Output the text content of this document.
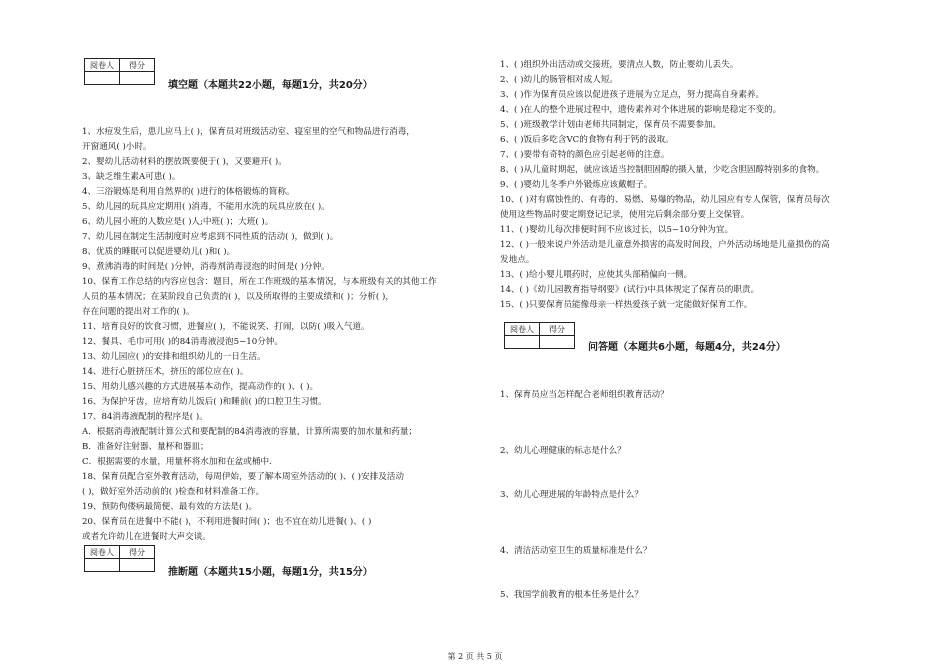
阅卷人	得分

填空题（本题共22小题，每题1分，共20分）
1、水痘发生后，患儿应马上( )，保育员对班级活动室、寝室里的空气和物品进行消毒，
开窗通风( )小时。
2、婴幼儿活动材料的摆放既要便于( )，又要避开( )。
3、缺乏维生素A可患( )。
4、三浴锻炼是利用自然界的( )进行的体格锻炼的简称。
5、幼儿园的玩具应定期用( )消毒，不能用水洗的玩具应放在( )。
6、幼儿园小班的人数应是( )人;中班( )；大班( )。
7、幼儿园在制定生活制度时应考虑到不同性质的活动( )，做到( )。
8、优质的睡眠可以促进婴幼儿( )和( )。
9、煮沸消毒的时间是( )分钟，消毒剂消毒浸泡的时间是( )分钟。
10、保育工作总结的内容应包含：题目，所在工作班级的基本情况，与本班级有关的其他工作
人员的基本情况；在某阶段自己负责的( )，以及所取得的主要成绩和( )；分析( )，
存在问题的提出对工作的( )。
11、培育良好的饮食习惯，进餐应( )，不能说笑、打闹，以防( )吸入气道。
12、餐具、毛巾可用( )的84消毒液浸泡5−10分钟。
13、幼儿园应( )的安排和组织幼儿的一日生活。
14、进行心脏挤压术，挤压的部位应在( )。
15、用幼儿感兴趣的方式进展基本动作，提高动作的( )、( )。
16、为保护牙齿，应培育幼儿饭后( )和睡前( )的口腔卫生习惯。
17、84消毒液配制的程序是( )。
A．根据消毒液配制计算公式和要配制的84消毒液的容量，计算所需要的加水量和药量；
B．准备好注射器、量杯和器皿；
C．根据需要的水量，用量杯将水加和在盆或桶中.
18、保育员配合室外教育活动，每周伊始，要了解本周室外活动的( )、( )安排及活动
( )，做好室外活动前的( )检查和材料准备工作。
19、预防佝偻病最简便、最有效的方法是( )。
20、保育员在进餐中不能( )，不利用进餐时间( )；也不宜在幼儿进餐( )、( )
或者允许幼儿在进餐时大声交谈。
阅卷人	得分

推断题（本题共15小题，每题1分，共15分）
1、( )组织外出活动或交接班，要清点人数，防止婴幼儿丢失。
2、( )幼儿的肠管相对成人短。
3、( )作为保育员应该以促进孩子进展为立足点，努力提高自身素养。
4、( )在人的整个进展过程中，遗传素养对个体进展的影响是稳定不变的。
5、( )班级教学计划由老师共同制定，保育员不需要参加。
6、( )饭后多吃含VC的食物有利于钙的汲取。
7、( )要带有奇特的颜色应引起老师的注意。
8、( )从儿童时期起，就应该适当控制胆固醇的摄入量，少吃含胆固醇特别多的食物。
9、( )婴幼儿冬季户外锻炼应该戴帽子。
10、( )对有腐蚀性的、有毒的、易燃、易爆的物品，幼儿园应有专人保管，保育员每次
使用这些物品时要定期登记记录，使用完后剩余部分要上交保管。
11、( )婴幼儿每次排便时间不应该过长，以5~10分钟为宜。
12、( )一般来说户外活动是儿童意外损害的高发时间段，户外活动场地是儿童损伤的高
发地点。
13、( )给小婴儿喂药时，应使其头部稍偏向一侧。
14、( )《幼儿园教育指导纲要》(试行)中具体规定了保育员的职责。
15、( )只要保育员能像母亲一样热爱孩子就一定能做好保育工作。
阅卷人	得分

问答题（本题共6小题，每题4分，共24分）
1、保育员应当怎样配合老师组织教育活动？
2、幼儿心理健康的标志是什么？
3、幼儿心理进展的年龄特点是什么？
4、清洁活动室卫生的质量标准是什么？
5、我国学前教育的根本任务是什么？
第 2 页 共 5 页
